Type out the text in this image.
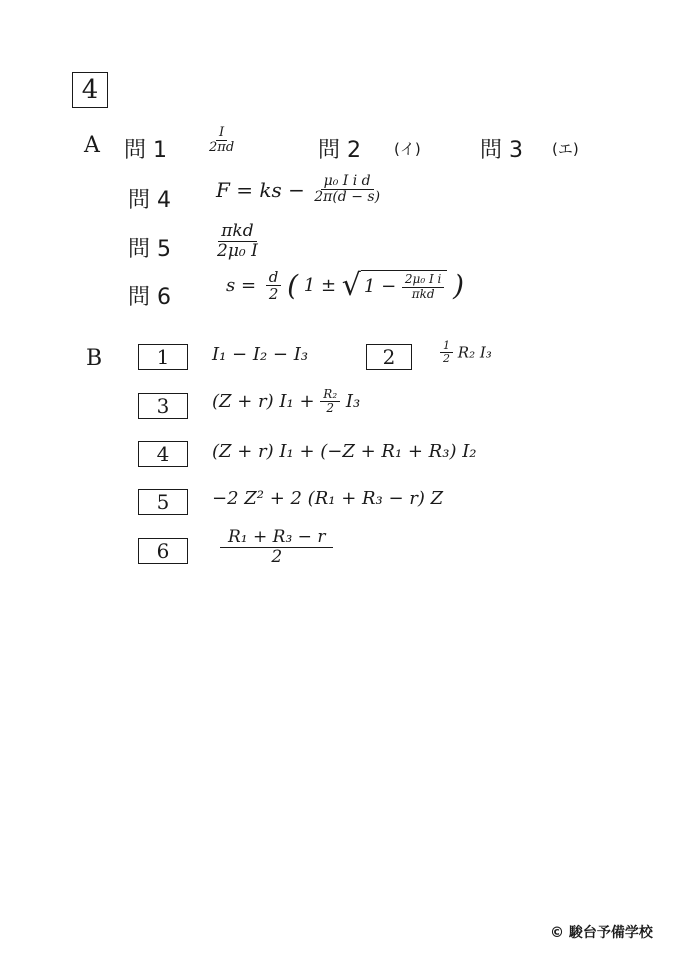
4
A 問 1	$\frac{I}{2\pi d}$	問 2 (イ)	問 3 (エ)
問 4 F = ks − $\frac{\text{μ₀ I i d}}{2\pi(d - s)}$
問 5	$\frac{\text{πkd}}{\text{2μ₀ I}}$
問 6	$s = \frac{d}{2}$ ( 1 ± √ $1 - \frac{\text{2μ₀ I i}}{\text{πkd}}$ )
B	1	I₁ − I₂ − I₃	2	$\frac{1}{2} R_2$ I₃
3	(Z + r) $I_1 + \frac{\text{R₂}}{2} I_3$
4	(Z + r) I₁ + (−Z + R₁ + R₃) I₂
5	−2 Z² + 2 (R₁ + R₃ − r) Z
6	$\frac{\text{R₁ + R₃ − r}}{2}$
© 駿台予備学校
